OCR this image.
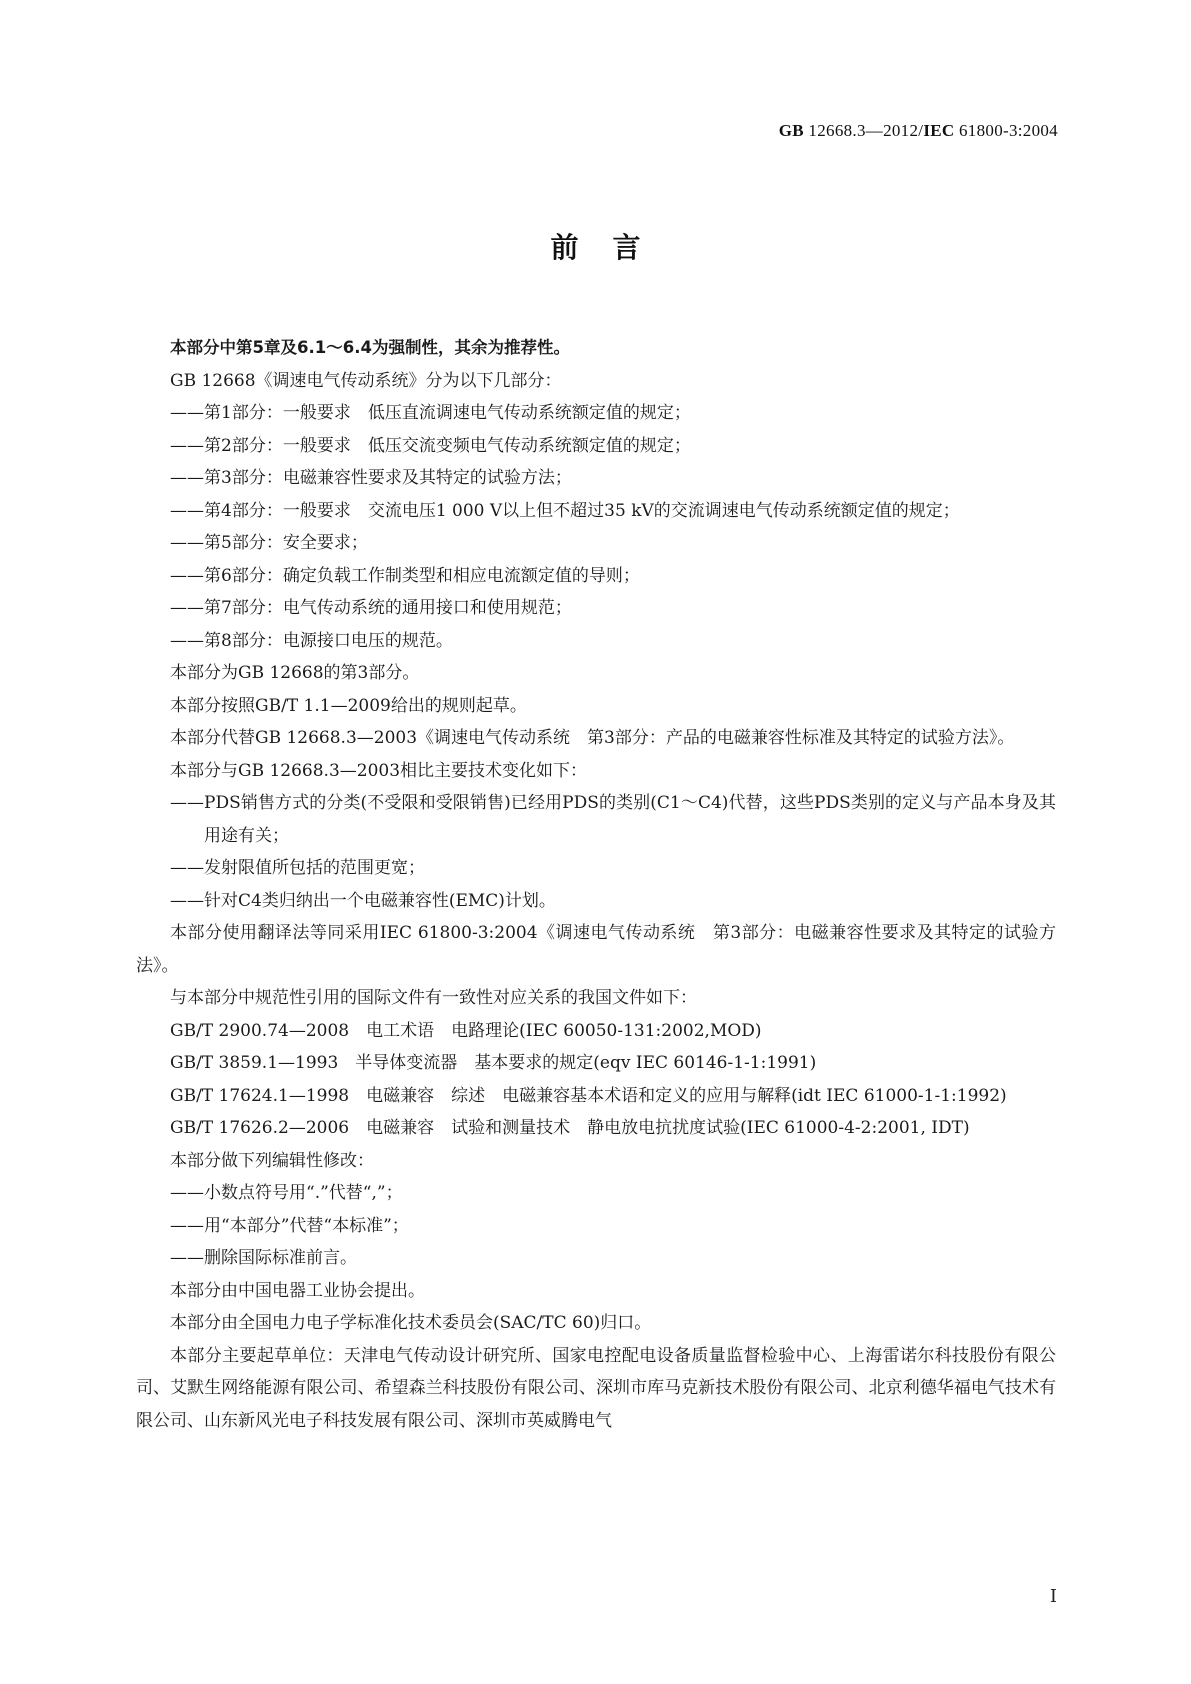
GB 12668.3—2012/IEC 61800-3:2004
前言

本部分中第5章及6.1～6.4为强制性，其余为推荐性。

GB 12668《调速电气传动系统》分为以下几部分：

——第1部分：一般要求　低压直流调速电气传动系统额定值的规定；

——第2部分：一般要求　低压交流变频电气传动系统额定值的规定；

——第3部分：电磁兼容性要求及其特定的试验方法；

——第4部分：一般要求　交流电压1 000 V以上但不超过35 kV的交流调速电气传动系统额定值的规定；

——第5部分：安全要求；

——第6部分：确定负载工作制类型和相应电流额定值的导则；

——第7部分：电气传动系统的通用接口和使用规范；

——第8部分：电源接口电压的规范。

本部分为GB 12668的第3部分。

本部分按照GB/T 1.1—2009给出的规则起草。

本部分代替GB 12668.3—2003《调速电气传动系统　第3部分：产品的电磁兼容性标准及其特定的试验方法》。

本部分与GB 12668.3—2003相比主要技术变化如下：

——PDS销售方式的分类(不受限和受限销售)已经用PDS的类别(C1～C4)代替，这些PDS类别的定义与产品本身及其用途有关；

——发射限值所包括的范围更宽；

——针对C4类归纳出一个电磁兼容性(EMC)计划。

本部分使用翻译法等同采用IEC 61800-3:2004《调速电气传动系统　第3部分：电磁兼容性要求及其特定的试验方法》。

与本部分中规范性引用的国际文件有一致性对应关系的我国文件如下：

GB/T 2900.74—2008　电工术语　电路理论(IEC 60050-131:2002,MOD)

GB/T 3859.1—1993　半导体变流器　基本要求的规定(eqv IEC 60146-1-1:1991)

GB/T 17624.1—1998　电磁兼容　综述　电磁兼容基本术语和定义的应用与解释(idt IEC 61000-1-1:1992)

GB/T 17626.2—2006　电磁兼容　试验和测量技术　静电放电抗扰度试验(IEC 61000-4-2:2001, IDT)

本部分做下列编辑性修改：

——小数点符号用“.”代替“,”；

——用“本部分”代替“本标准”；

——删除国际标准前言。

本部分由中国电器工业协会提出。

本部分由全国电力电子学标准化技术委员会(SAC/TC 60)归口。

本部分主要起草单位：天津电气传动设计研究所、国家电控配电设备质量监督检验中心、上海雷诺尔科技股份有限公司、艾默生网络能源有限公司、希望森兰科技股份有限公司、深圳市库马克新技术股份有限公司、北京利德华福电气技术有限公司、山东新风光电子科技发展有限公司、深圳市英威腾电气

I
